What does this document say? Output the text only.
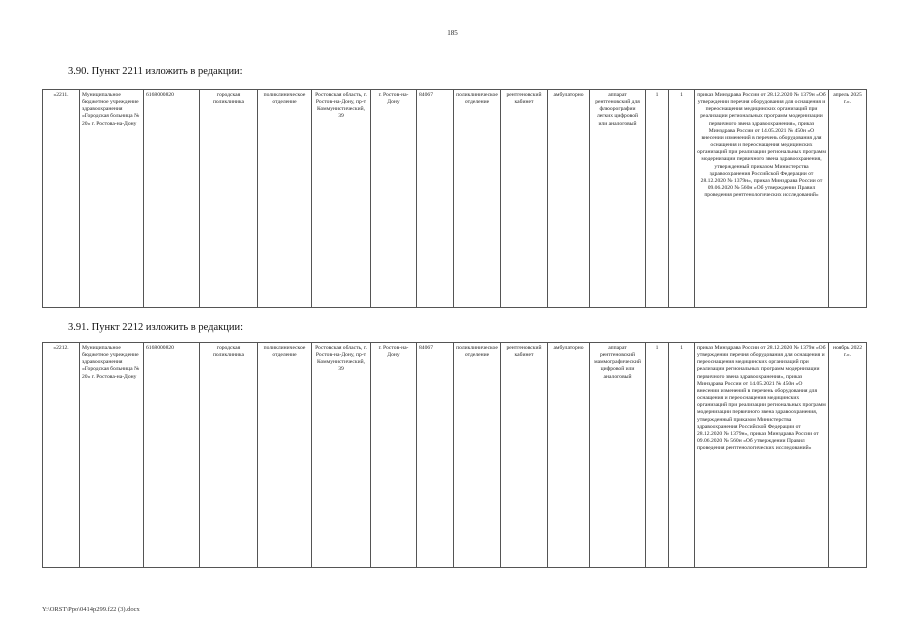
185
3.90. Пункт 2211 изложить в редакции:
«2211.	Муниципальное бюджетное учреждение здравоохранения «Городская больница № 20» г. Ростова-на-Дону	6168000820	городская поликлиника	поликлиническое отделение	Ростовская область, г. Ростов-на-Дону, пр-т Коммунистический, 39	г. Ростов-на-Дону	84067	поликлиническое отделение	рентгеновский кабинет	амбулаторно	аппарат рентгеновский для флюорографии легких цифровой или аналоговый	1	1	приказ Минздрава России от 28.12.2020 № 1379н «Об утверждении перечня оборудования для оснащения и переоснащения медицинских организаций при реализации региональных программ модернизации первичного звена здравоохранения», приказ Минздрава России от 14.05.2021 № 450н «О внесении изменений в перечень оборудования для оснащения и переоснащения медицинских организаций при реализации региональных программ модернизации первичного звена здравоохранения, утвержденный приказом Министерства здравоохранения Российской Федерации от 28.12.2020 № 1379н», приказ Минздрава России от 09.06.2020 № 560н «Об утверждении Правил проведения рентгенологических исследований»	апрель 2025 г.».
3.91. Пункт 2212 изложить в редакции:
«2212.	Муниципальное бюджетное учреждение здравоохранения «Городская больница № 20» г. Ростова-на-Дону	6168000820	городская поликлиника	поликлиническое отделение	Ростовская область, г. Ростов-на-Дону, пр-т Коммунистический, 39	г. Ростов-на-Дону	84067	поликлиническое отделение	рентгеновский кабинет	амбулаторно	аппарат рентгеновский маммографический цифровой или аналоговый	1	1	приказ Минздрава России от 28.12.2020 № 1379н «Об утверждении перечня оборудования для оснащения и переоснащения медицинских организаций при реализации региональных программ модернизации первичного звена здравоохранения», приказ Минздрава России от 14.05.2021 № 450н «О внесении изменений в перечень оборудования для оснащения и переоснащения медицинских организаций при реализации региональных программ модернизации первичного звена здравоохранения, утвержденный приказом Министерства здравоохранения Российской Федерации от 28.12.2020 № 1379н», приказ Минздрава России от 09.06.2020 № 560н «Об утверждении Правил проведения рентгенологических исследований»	ноябрь 2022 г.».
Y:\ORST\Ppo\0414p299.f22 (3).docx
